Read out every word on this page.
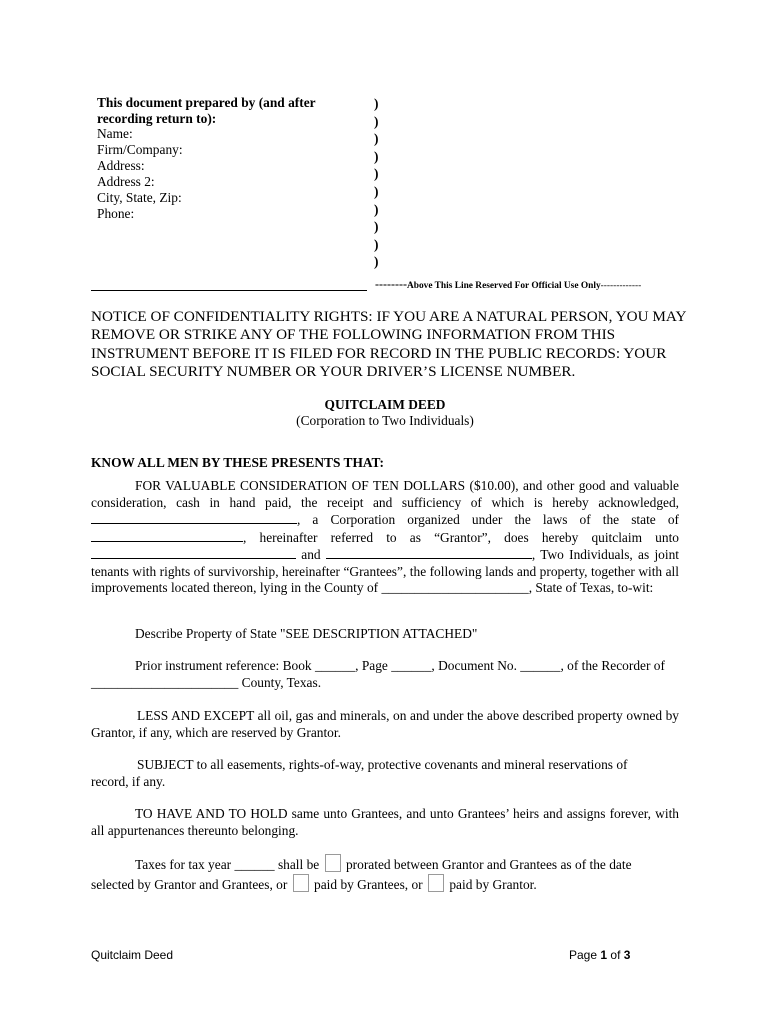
This document prepared by (and after recording return to):
Name:
Firm/Company:
Address:
Address 2:
City, State, Zip:
Phone:
)
)
)
)
)
)
)
)
)
)
--------Above This Line Reserved For Official Use Only-------------
NOTICE OF CONFIDENTIALITY RIGHTS: IF YOU ARE A NATURAL PERSON, YOU MAY REMOVE OR STRIKE ANY OF THE FOLLOWING INFORMATION FROM THIS INSTRUMENT BEFORE IT IS FILED FOR RECORD IN THE PUBLIC RECORDS: YOUR SOCIAL SECURITY NUMBER OR YOUR DRIVER’S LICENSE NUMBER.
QUITCLAIM DEED
(Corporation to Two Individuals)
KNOW ALL MEN BY THESE PRESENTS THAT:
FOR VALUABLE CONSIDERATION OF TEN DOLLARS ($10.00), and other good and valuable consideration, cash in hand paid, the receipt and sufficiency of which is hereby acknowledged, , a Corporation organized under the laws of the state of , hereinafter referred to as “Grantor”, does hereby quitclaim unto  and	, Two Individuals, as joint tenants with rights of survivorship, hereinafter “Grantees”, the following lands and property, together with all improvements located thereon, lying in the County of ______________________, State of Texas, to-wit:
Describe Property of State "SEE DESCRIPTION ATTACHED"
Prior instrument reference: Book ______, Page ______, Document No. ______, of the Recorder of
______________________ County, Texas.
LESS AND EXCEPT all oil, gas and minerals, on and under the above described property owned by Grantor, if any, which are reserved by Grantor.
SUBJECT to all easements, rights-of-way, protective covenants and mineral reservations of record, if any.
TO HAVE AND TO HOLD same unto Grantees, and unto Grantees’ heirs and assigns forever, with all appurtenances thereunto belonging.
Taxes for tax year ______ shall be prorated between Grantor and Grantees as of the date
selected by Grantor and Grantees, or paid by Grantees, or paid by Grantor.
Quitclaim Deed	Page 1 of 3
